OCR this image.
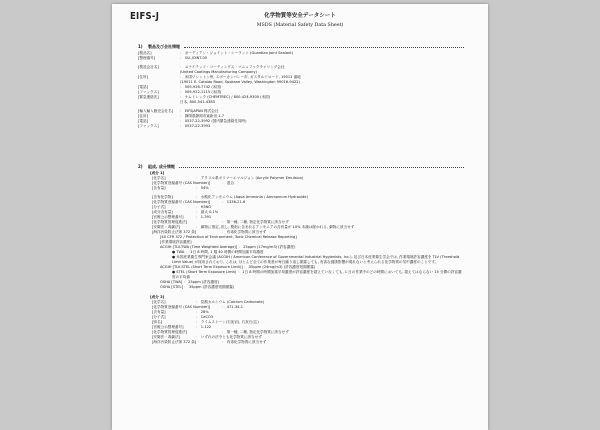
EIFS-J	化学物質等安全データシート
MSDS (Material Safety Data Sheet)
1)	製品及び会社情報
[製品名]	： ガーディアン・ジョイント・シーラント (Guardian Joint Sealant)
[整理番号]	： GU-JOINT-05
[製造会社名]	： ユナイテッド・コーティングス・マニュファクチャリング会社
(United Coatings Manufacturing Company)
[住所]	： 米国ワシントン州, スポーカンバレー市, ガスタルドロード, 19011 番地
(19011 E. Cataldo Road, Spokane Valley, Washington 99016-9422)
[電話]	： 509-926-7742 (米国)
[ファックス]	： 509-922-1115 (米国)
[緊急連絡先]	： ケムトレック (CHEMTREC) / 800-424-9300 (米国)
日本, 800-541-4383
[輸入輸入販売会社名]	： EIFSJAPAN 株式会社
[住所]	： 静岡県静岡市東新田 1-7
[電話]	： 0537-22-3992 (国内緊急連絡先同時)
[ファックス]	： 0537-22-3993
2)	組成, 成分情報
[成分 1]
[化学名]	： アクリル系ポリマーエマルジョン (Acrylic Polymer Emulsion)
[化学物質登録番号 (CAS Number)]	： 混合
[含有量]	： 54%
[含有化学物]	： 水酸化アンモニウム (Aqua Ammonia / Ammonium Hydroxide)
[化学物質登録番号 (CAS Number)]	： 1336-21-6
[分子式]	： H5NO
[成分含有量]	： 最大 0.1%
[官報公示整理番号]	： 1-391
[化学物質管理促進法]	： 第一種, 二種, 指定化学物質に該当せず
[安衛法・毒劇法]	： 劇物に指定, 但し, 製剤に含まれるアンモニアの含有量が 10% 未満は除かれる, 劇物に該当せず
[海洋汚染防止法第 372 条]	： 有毒化学物質に該当せず
[40 CFR 372 / Protection of Environment, Toxic Chemical Release Reporting]
[作業環境許容濃度]
ACGIH [TLV-TWA (Time Weighted Average)] ： 25ppm (17mg/m3) (許容濃度)
● TWA ： 1日 8 時間, 1 週 40 時間の時間加重平均濃度
● 米国産業衛生専門家会議 (ACGIH / American Conference of Governmental Industrial Hygienists, Inc.), 及び日本産業衛生学会では, 作業環境許容濃度を TLV (Threshold Limit Value) が採用されており, これは, ほとんど全ての作業者が毎日繰り返し暴露しても, 有害な健康影響が現れないと考えられる化学物質の気中濃度のことです。
ACGIH [TLV-STEL (Short Term Exposure Limit)] ： 35ppm (24mg/m3) (許容濃度短期暴露)
● STEL (Short Term Exposure Limit) ： 1日 8 時間の時間加重平均濃度が許容濃度を超えていなくても, 1 日の作業中のどの時間においても, 超えてはならない 15 分間の許容濃度の平均値
OSHA [TWA] ： 25ppm (許容濃度)
OSHA [STEL] ： 35ppm (許容濃度短期暴露)
[成分 2]
[化学名]	： 炭酸カルシウム (Calcium Carbonate)
[化学物質登録番号 (CAS Number)]	： 471-34-1
[含有量]	： 28%
[分子式]	： CaCO3
[別名]	： ライムストーン(石灰岩), 石灰石(注)
[官報公示整理番号]	： 1-122
[化学物質管理促進法]	： 第一種, 二種, 指定化学物質に該当せず
[安衛法・毒劇法]	： いずれの法令とも化学物質に該当せず
[海洋汚染防止法第 372 条]	： 有毒化学物質に該当せず
